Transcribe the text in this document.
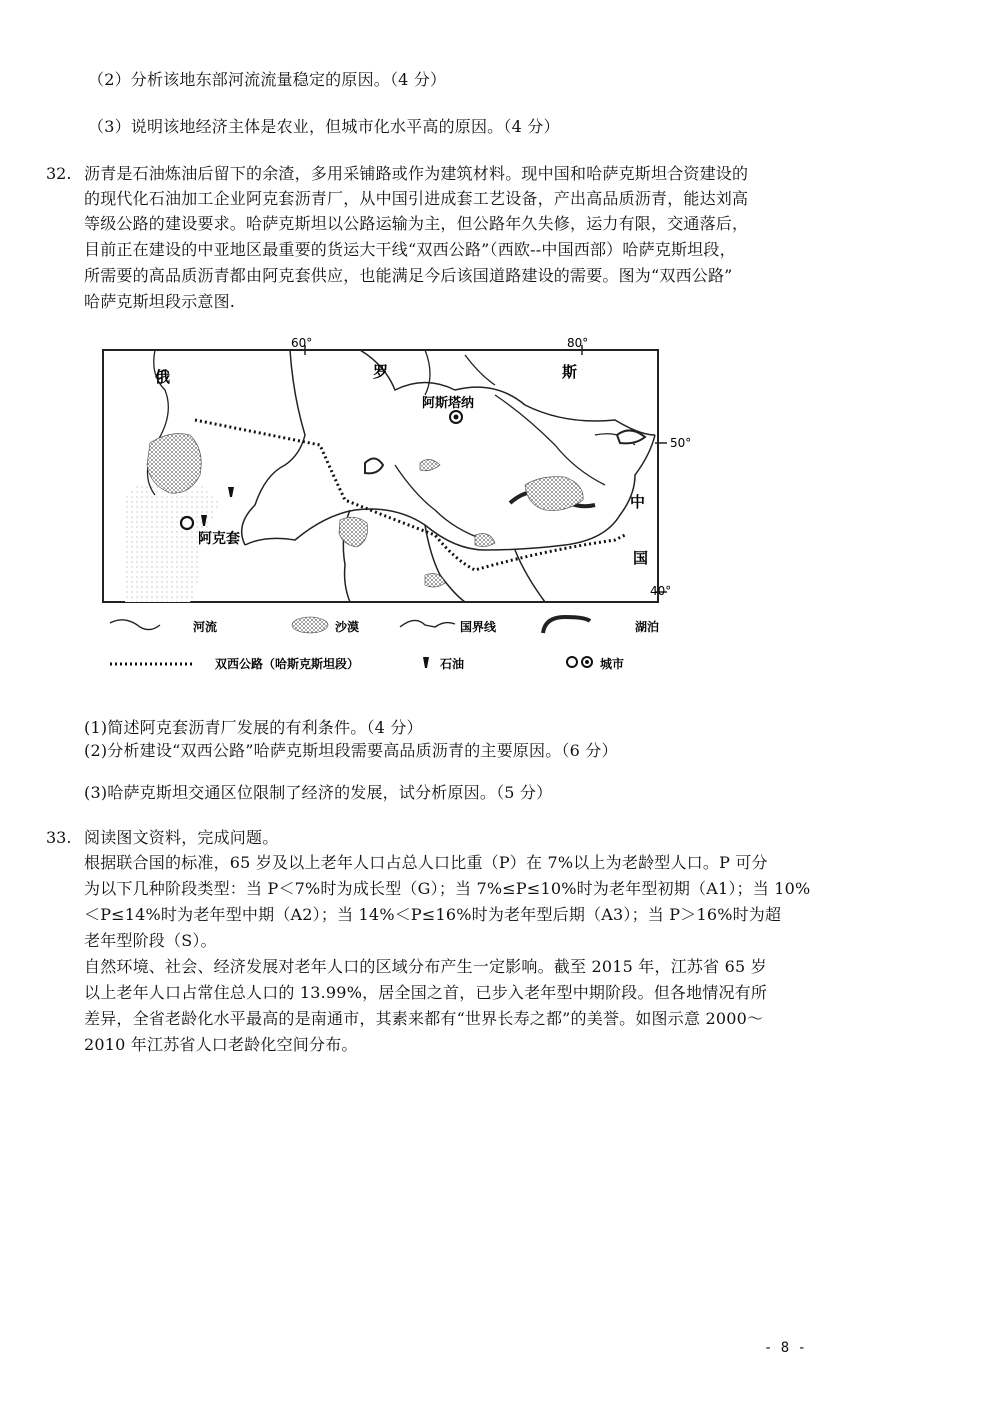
（2）分析该地东部河流流量稳定的原因。（4 分）
（3）说明该地经济主体是农业，但城市化水平高的原因。（4 分）
32. 沥青是石油炼油后留下的余渣，多用采铺路或作为建筑材料。现中国和哈萨克斯坦合资建设的
的现代化石油加工企业阿克套沥青厂，从中国引进成套工艺设备，产出高品质沥青，能达刘高
等级公路的建设要求。哈萨克斯坦以公路运输为主，但公路年久失修，运力有限，交通落后，
目前正在建设的中亚地区最重要的货运大干线“双西公路”（西欧--中国西部）哈萨克斯坦段，
所需要的高品质沥青都由阿克套供应，也能满足今后该国道路建设的需要。图为“双西公路”
哈萨克斯坦段示意图.
60°	80°
50°
40°
俄	罗	斯
阿斯塔纳
阿克套
中
国
河流	沙漠	国界线	湖泊
双西公路（哈斯克斯坦段）	石油	城市
(1)简述阿克套沥青厂发展的有利条件。（4 分）
(2)分析建设“双西公路”哈萨克斯坦段需要高品质沥青的主要原因。（6 分）
(3)哈萨克斯坦交通区位限制了经济的发展，试分析原因。（5 分）
33. 阅读图文资料，完成问题。
根据联合国的标准，65 岁及以上老年人口占总人口比重（P）在 7%以上为老龄型人口。P 可分
为以下几种阶段类型：当 P＜7%时为成长型（G）；当 7%≤P≤10%时为老年型初期（A1）；当 10%
＜P≤14%时为老年型中期（A2）；当 14%＜P≤16%时为老年型后期（A3）；当 P＞16%时为超
老年型阶段（S）。
自然环境、社会、经济发展对老年人口的区域分布产生一定影响。截至 2015 年，江苏省 65 岁
以上老年人口占常住总人口的 13.99%，居全国之首，已步入老年型中期阶段。但各地情况有所
差异，全省老龄化水平最高的是南通市，其素来都有“世界长寿之都”的美誉。如图示意 2000～
2010 年江苏省人口老龄化空间分布。
- 8 -
